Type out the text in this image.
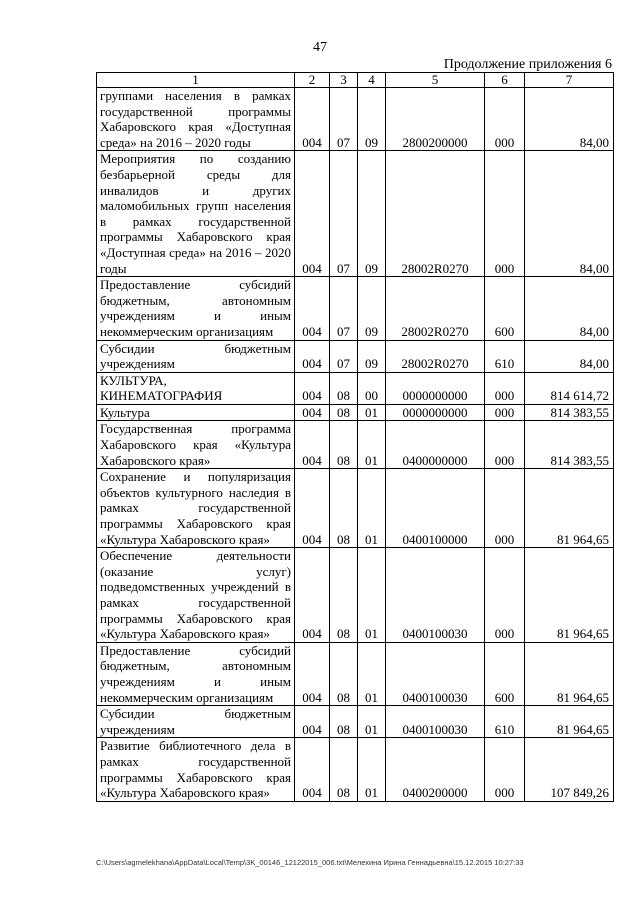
47
Продолжение приложения 6
1	2	3	4	5	6	7
группами населения в рамках государственной программы Хабаровского края «Доступная среда» на 2016 – 2020 годы	004	07	09	2800200000	000	84,00
Мероприятия по созданию безбарьерной среды для инвалидов и других маломобильных групп населения в рамках государственной программы Хабаровского края «Доступная среда» на 2016 – 2020 годы	004	07	09	28002R0270	000	84,00
Предоставление субсидий бюджетным, автономным учреждениям и иным некоммерческим организациям	004	07	09	28002R0270	600	84,00
Субсидии бюджетным учреждениям	004	07	09	28002R0270	610	84,00
КУЛЬТУРА, КИНЕМАТОГРАФИЯ	004	08	00	0000000000	000	814 614,72
Культура	004	08	01	0000000000	000	814 383,55
Государственная программа Хабаровского края «Культура Хабаровского края»	004	08	01	0400000000	000	814 383,55
Сохранение и популяризация объектов культурного наследия в рамках государственной программы Хабаровского края «Культура Хабаровского края»	004	08	01	0400100000	000	81 964,65
Обеспечение деятельности (оказание услуг) подведомственных учреждений в рамках государственной программы Хабаровского края «Культура Хабаровского края»	004	08	01	0400100030	000	81 964,65
Предоставление субсидий бюджетным, автономным учреждениям и иным некоммерческим организациям	004	08	01	0400100030	600	81 964,65
Субсидии бюджетным учреждениям	004	08	01	0400100030	610	81 964,65
Развитие библиотечного дела в рамках государственной программы Хабаровского края «Культура Хабаровского края»	004	08	01	0400200000	000	107 849,26
C:\Users\agmelekhana\AppData\Local\Temp\3K_00146_12122015_006.txt\Мелехина Ирина Геннадьевна\15.12.2015 10:27:33
